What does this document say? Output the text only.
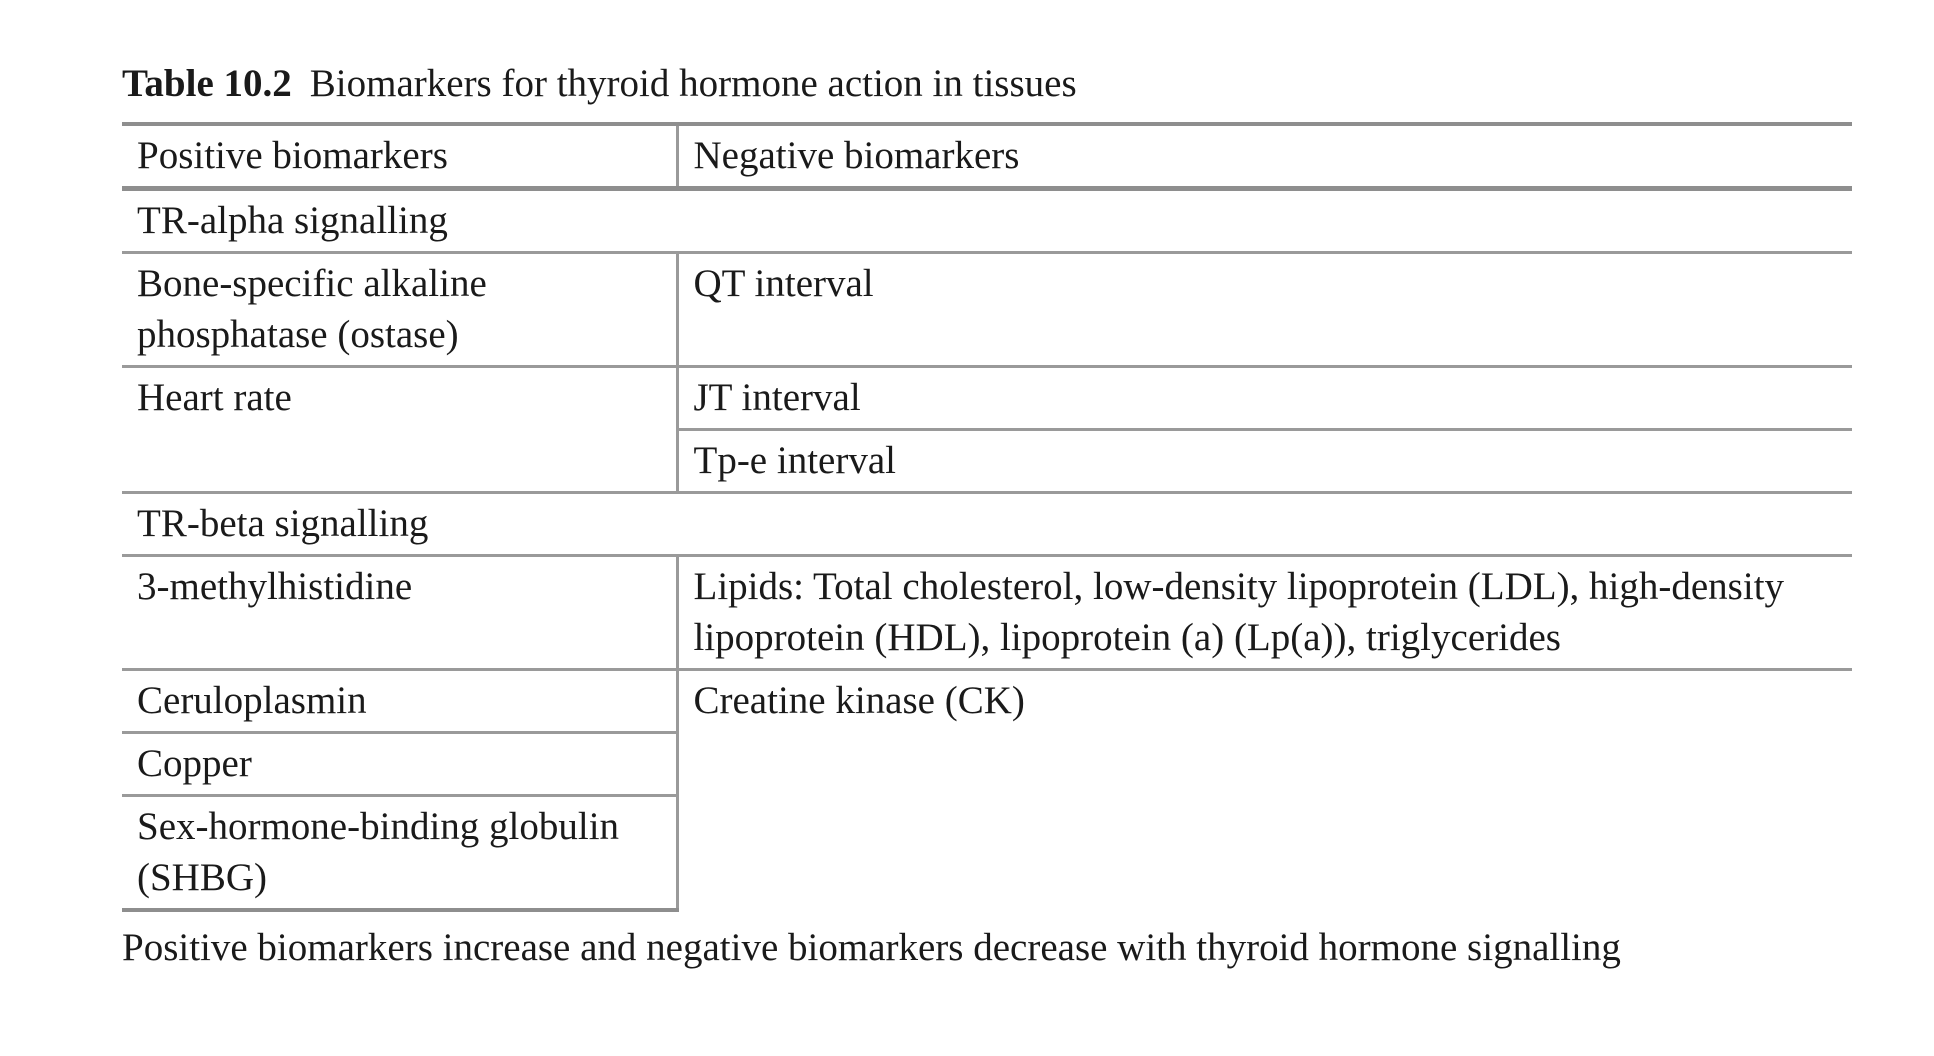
Table 10.2 Biomarkers for thyroid hormone action in tissues
Positive biomarkers	Negative biomarkers
TR-alpha signalling	
Bone-specific alkaline phosphatase (ostase)	QT interval
Heart rate	JT interval
	Tp-e interval
TR-beta signalling	
3-methylhistidine	Lipids: Total cholesterol, low-density lipoprotein (LDL), high-density lipoprotein (HDL), lipoprotein (a) (Lp(a)), triglycerides
Ceruloplasmin	Creatine kinase (CK)
Copper	
Sex-hormone-binding globulin (SHBG)	
Positive biomarkers increase and negative biomarkers decrease with thyroid hormone signalling
